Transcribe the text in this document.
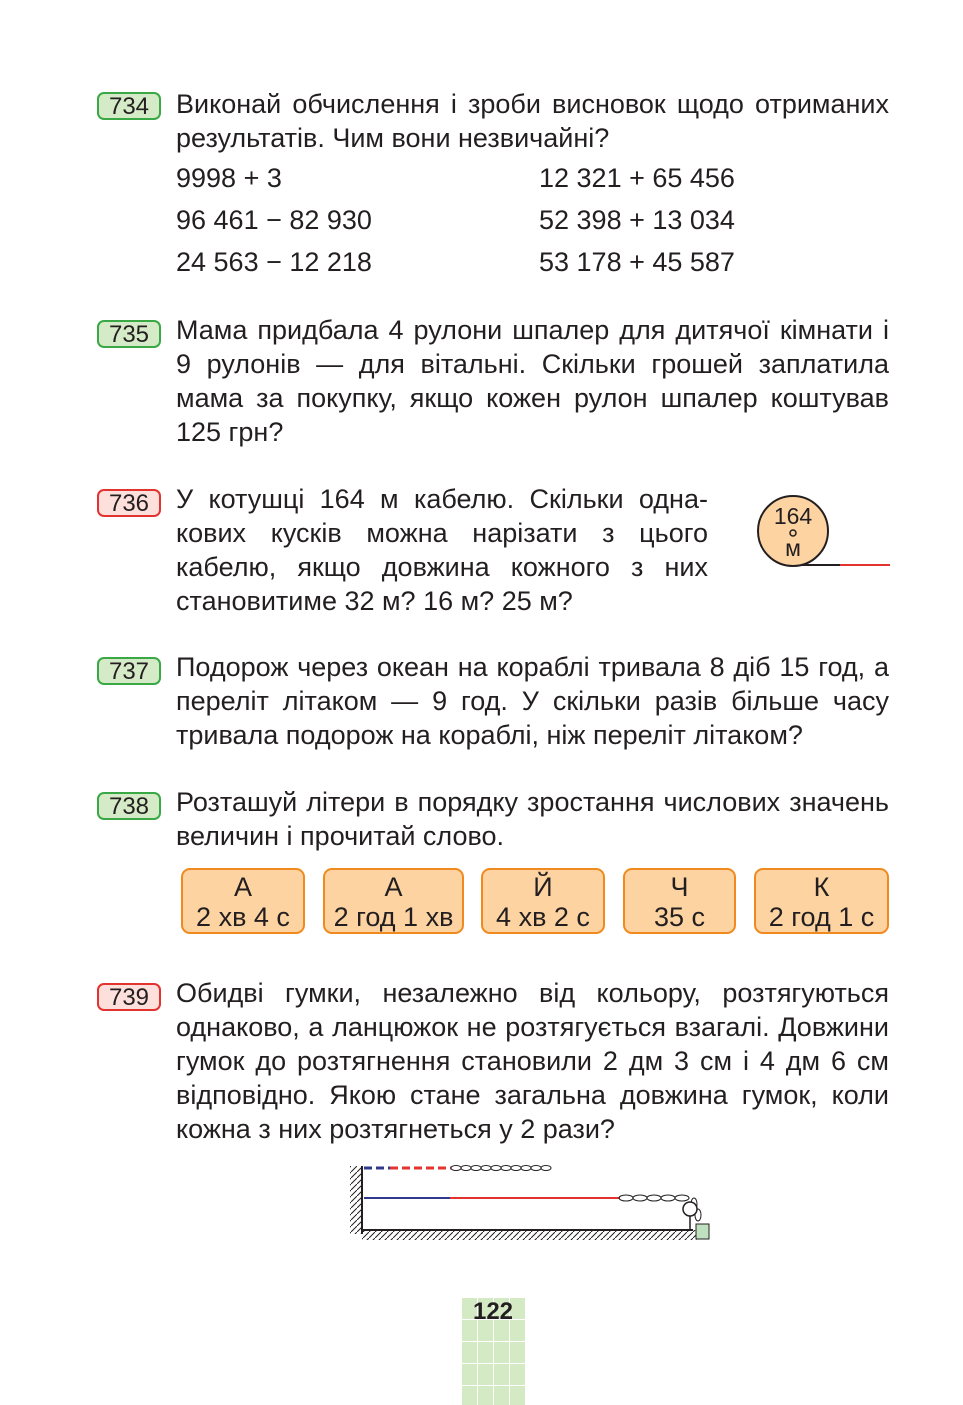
734 Виконай обчислення і зроби висновок щодо отриманих результатів. Чим вони незвичайні?

9998 + 3
96 461 − 82 930
24 563 − 12 218
12 321 + 65 456
52 398 + 13 034
53 178 + 45 587
735 Мама придбала 4 рулони шпалер для дитячої кімнати і 9 рулонів — для вітальні. Скільки грошей заплатила мама за покупку, якщо кожен рулон шпалер коштував 125 грн?

736 У котушці 164 м кабелю. Скільки однакових кусків можна нарізати з цього кабелю, якщо довжина кожного з них становитиме 32 м? 16 м? 25 м?

164
м
737 Подорож через океан на кораблі тривала 8 діб 15 год, а переліт літаком — 9 год. У скільки разів більше часу тривала подорож на кораблі, ніж переліт літаком?

738 Розташуй літери в порядку зростання числових значень величин і прочитай слово.

А
2 хв 4 с
А
2 год 1 хв
Й
4 хв 2 с
Ч
35 с
К
2 год 1 с
739 Обидві гумки, незалежно від кольору, розтягуються однаково, а ланцюжок не розтягується взагалі. Довжини гумок до розтягнення становили 2 дм 3 см і 4 дм 6 см відповідно. Якою стане загальна довжина гумок, коли кожна з них розтягнеться у 2 рази?

122
